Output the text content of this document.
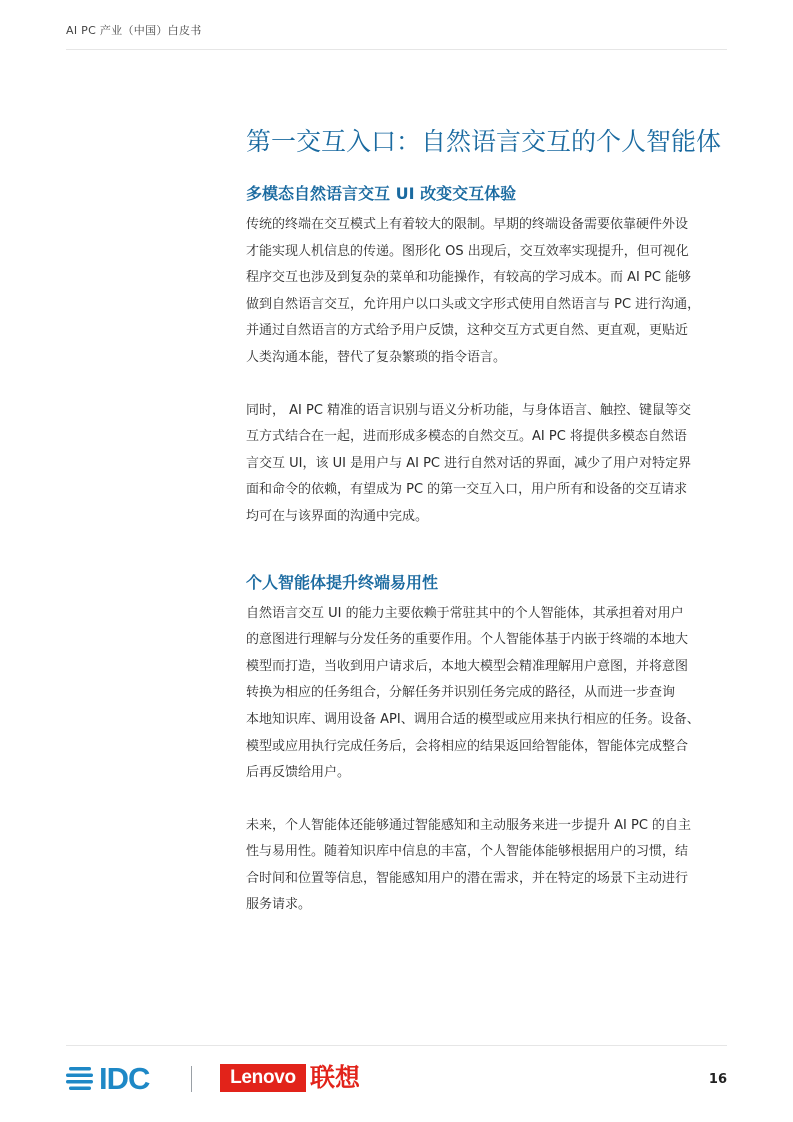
AI PC 产业（中国）白皮书
第一交互入口：自然语言交互的个人智能体
多模态自然语言交互 UI 改变交互体验

传统的终端在交互模式上有着较大的限制。早期的终端设备需要依靠硬件外设
才能实现人机信息的传递。图形化 OS 出现后，交互效率实现提升，但可视化
程序交互也涉及到复杂的菜单和功能操作，有较高的学习成本。而 AI PC 能够
做到自然语言交互，允许用户以口头或文字形式使用自然语言与 PC 进行沟通，
并通过自然语言的方式给予用户反馈，这种交互方式更自然、更直观，更贴近
人类沟通本能，替代了复杂繁琐的指令语言。

同时， AI PC 精准的语言识别与语义分析功能，与身体语言、触控、键鼠等交
互方式结合在一起，进而形成多模态的自然交互。AI PC 将提供多模态自然语
言交互 UI，该 UI 是用户与 AI PC 进行自然对话的界面，减少了用户对特定界
面和命令的依赖，有望成为 PC 的第一交互入口，用户所有和设备的交互请求
均可在与该界面的沟通中完成。

个人智能体提升终端易用性

自然语言交互 UI 的能力主要依赖于常驻其中的个人智能体，其承担着对用户
的意图进行理解与分发任务的重要作用。个人智能体基于内嵌于终端的本地大
模型而打造，当收到用户请求后，本地大模型会精准理解用户意图，并将意图
转换为相应的任务组合，分解任务并识别任务完成的路径，从而进一步查询
本地知识库、调用设备 API、调用合适的模型或应用来执行相应的任务。设备、
模型或应用执行完成任务后，会将相应的结果返回给智能体，智能体完成整合
后再反馈给用户。

未来，个人智能体还能够通过智能感知和主动服务来进一步提升 AI PC 的自主
性与易用性。随着知识库中信息的丰富，个人智能体能够根据用户的习惯，结
合时间和位置等信息，智能感知用户的潜在需求，并在特定的场景下主动进行
服务请求。

IDC	Lenovo 联想	16
